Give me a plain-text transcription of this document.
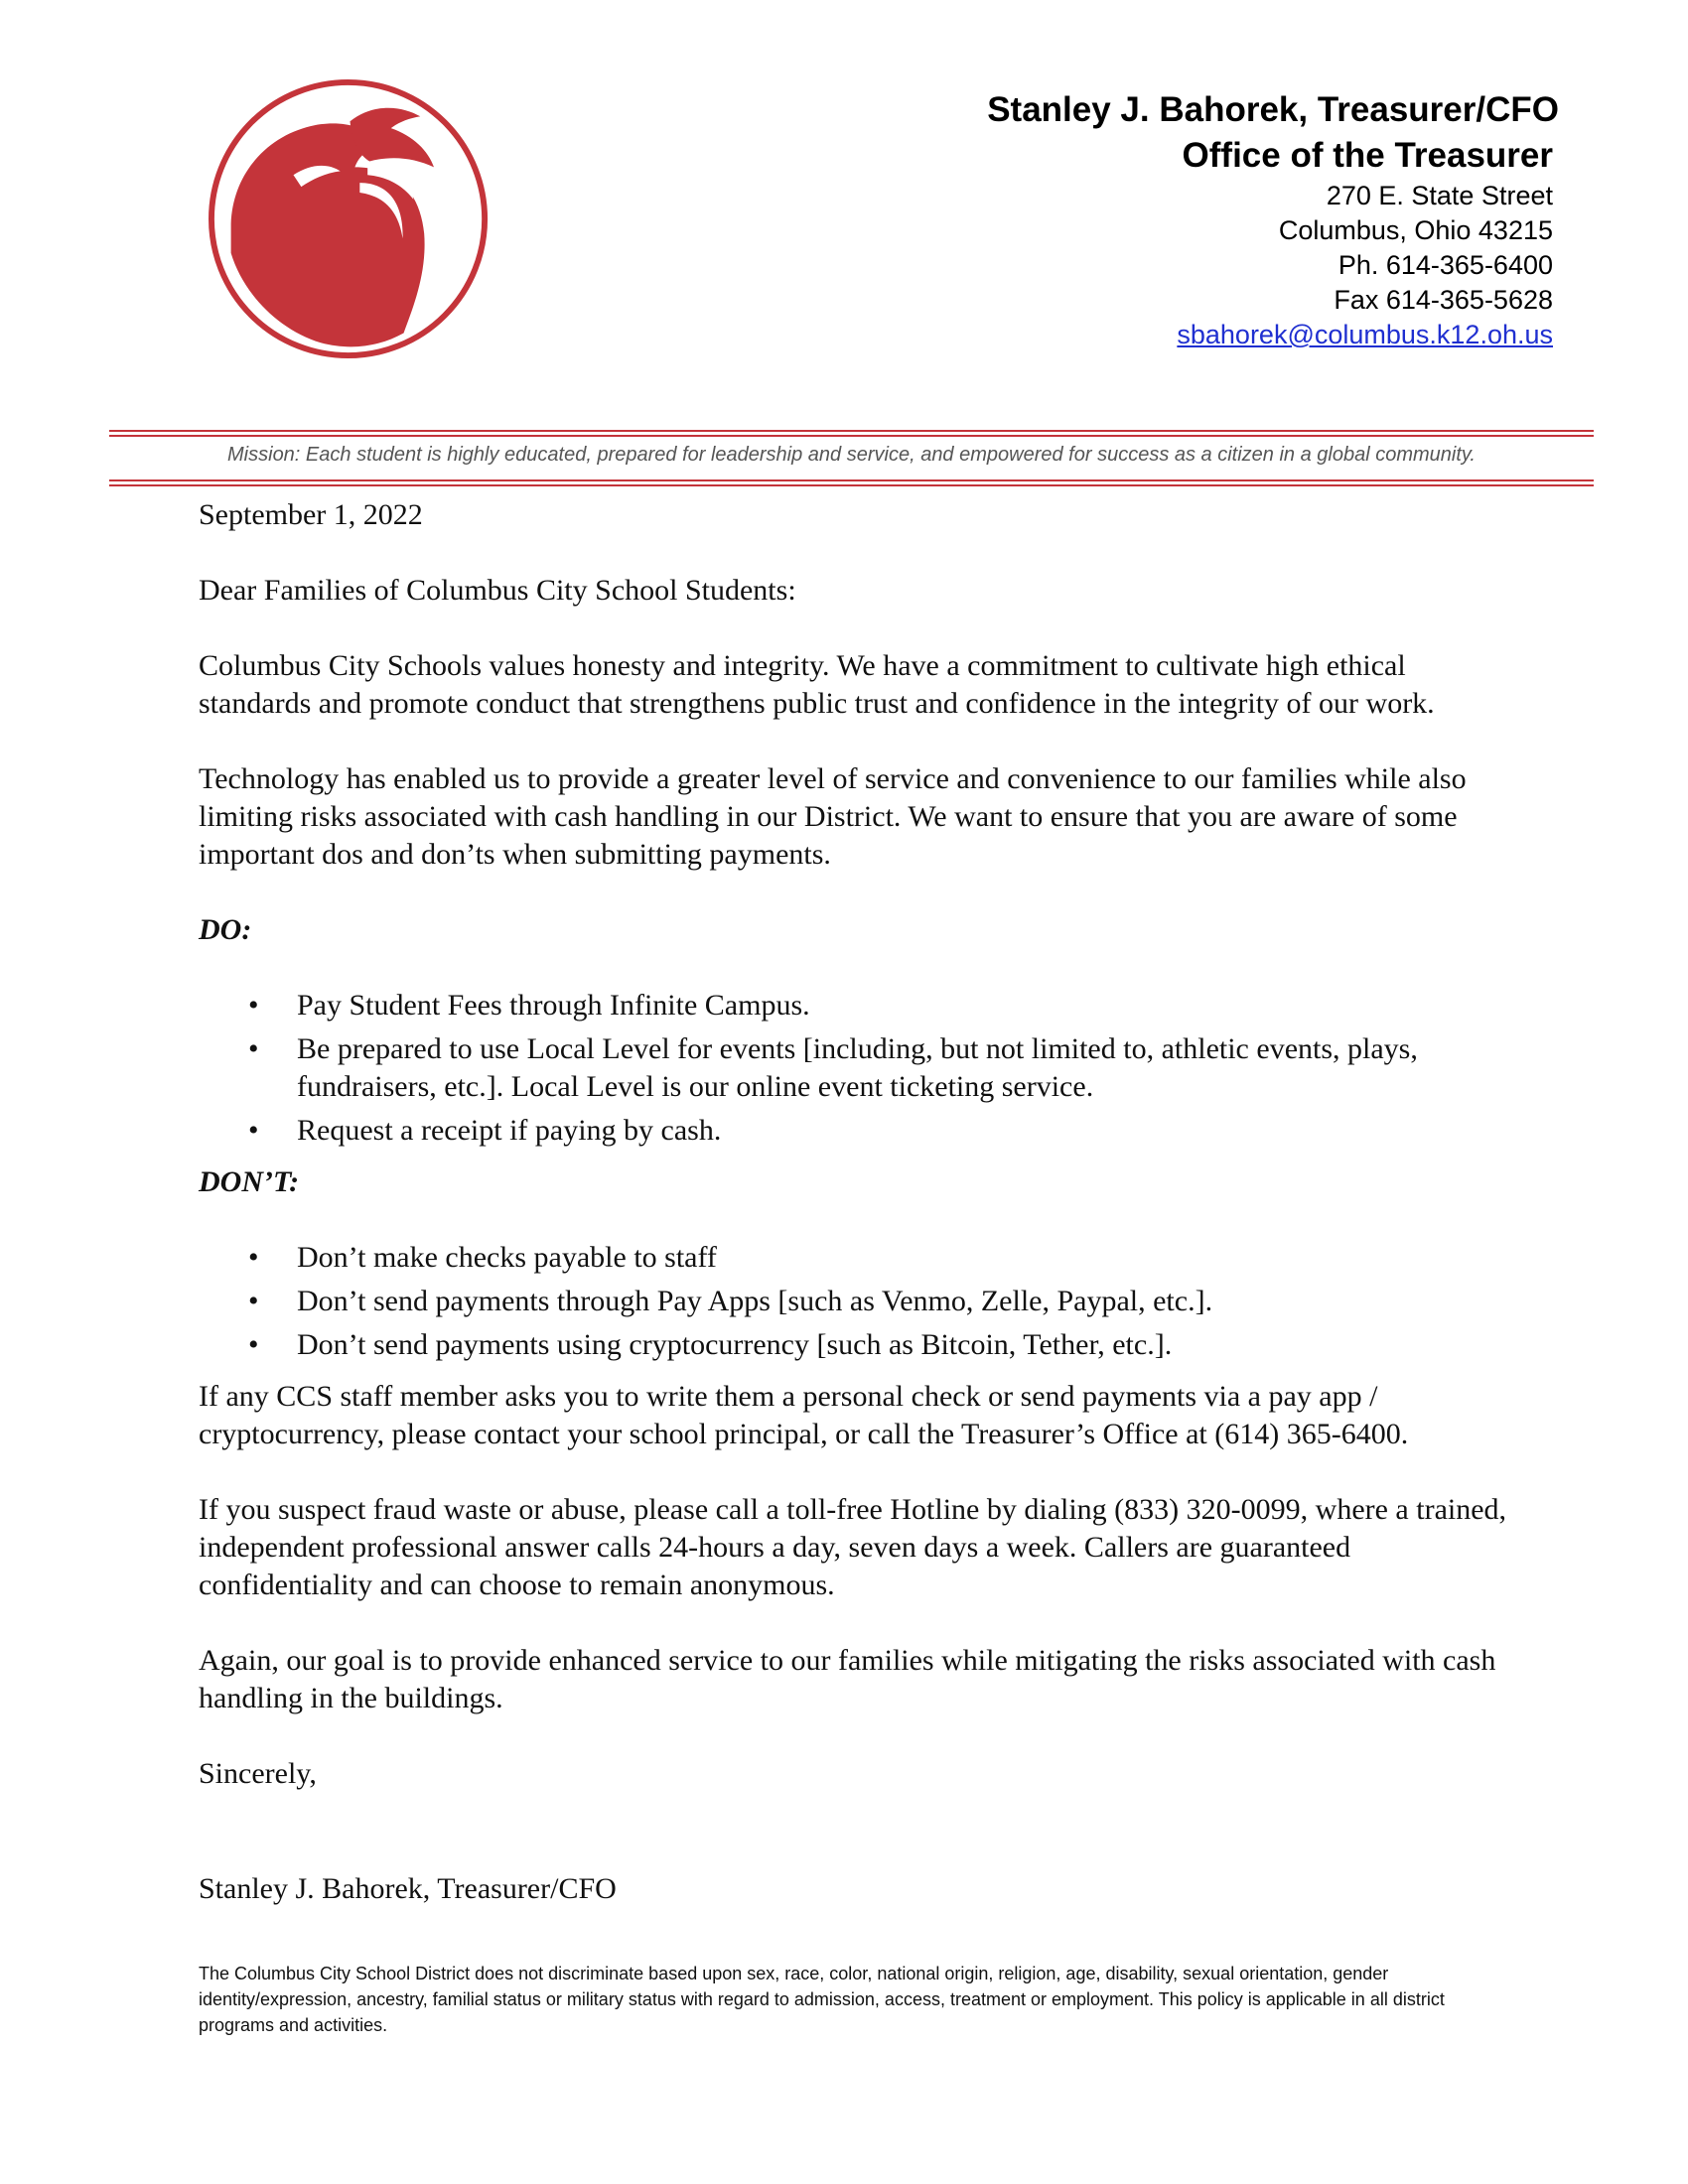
Stanley J. Bahorek, Treasurer/CFO
Office of the Treasurer
270 E. State Street
Columbus, Ohio 43215
Ph. 614-365-6400
Fax 614-365-5628
sbahorek@columbus.k12.oh.us
Mission: Each student is highly educated, prepared for leadership and service, and empowered for success as a citizen in a global community.

September 1, 2022

Dear Families of Columbus City School Students:

Columbus City Schools values honesty and integrity. We have a commitment to cultivate high ethical standards and promote conduct that strengthens public trust and confidence in the integrity of our work.

Technology has enabled us to provide a greater level of service and convenience to our families while also limiting risks associated with cash handling in our District. We want to ensure that you are aware of some important dos and don’ts when submitting payments.

DO:

• Pay Student Fees through Infinite Campus.
• Be prepared to use Local Level for events [including, but not limited to, athletic events, plays, fundraisers, etc.]. Local Level is our online event ticketing service.
• Request a receipt if paying by cash.

DON’T:

• Don’t make checks payable to staff
• Don’t send payments through Pay Apps [such as Venmo, Zelle, Paypal, etc.].
• Don’t send payments using cryptocurrency [such as Bitcoin, Tether, etc.].

If any CCS staff member asks you to write them a personal check or send payments via a pay app / cryptocurrency, please contact your school principal, or call the Treasurer’s Office at (614) 365-6400.

If you suspect fraud waste or abuse, please call a toll-free Hotline by dialing (833) 320-0099, where a trained, independent professional answer calls 24-hours a day, seven days a week. Callers are guaranteed confidentiality and can choose to remain anonymous.

Again, our goal is to provide enhanced service to our families while mitigating the risks associated with cash handling in the buildings.

Sincerely,

Stanley J. Bahorek, Treasurer/CFO

The Columbus City School District does not discriminate based upon sex, race, color, national origin, religion, age, disability, sexual orientation, gender identity/expression, ancestry, familial status or military status with regard to admission, access, treatment or employment. This policy is applicable in all district programs and activities.
